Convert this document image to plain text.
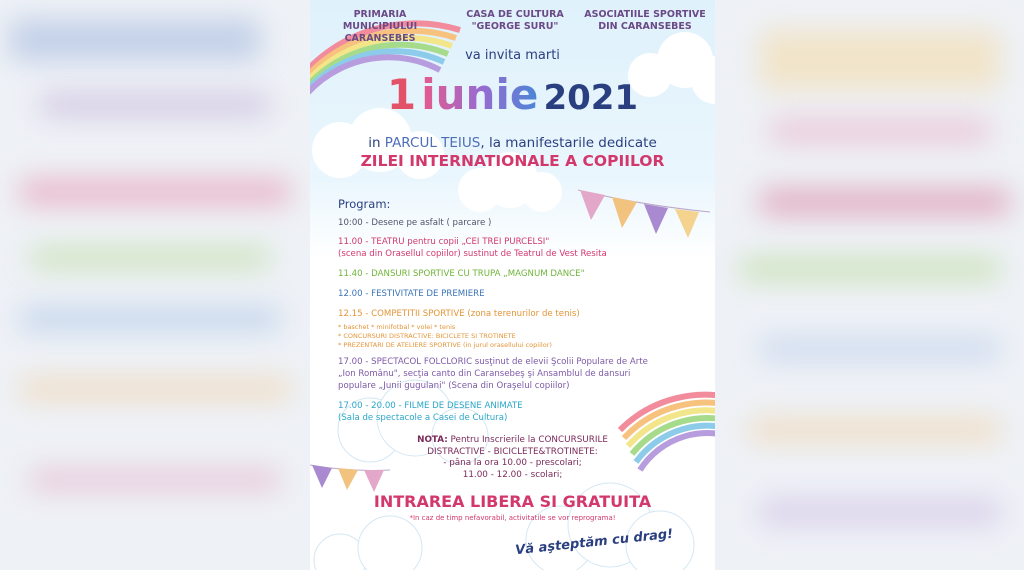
PRIMARIA MUNICIPIULUI
CARANSEBES
CASA DE CULTURA
"GEORGE SURU"
ASOCIATIILE SPORTIVE
DIN CARANSEBES
va invita marti
1 iunie 2021
in PARCUL TEIUS, la manifestarile dedicate
ZILEI INTERNATIONALE A COPIILOR
Program:
10:00 - Desene pe asfalt ( parcare )
11.00 - TEATRU pentru copii „CEI TREI PURCELSI"
(scena din Orasellul copiilor) sustinut de Teatrul de Vest Resita
11.40 - DANSURI SPORTIVE CU TRUPA „MAGNUM DANCE"
12.00 - FESTIVITATE DE PREMIERE
12.15 - COMPETITII SPORTIVE (zona terenurilor de tenis)
* baschet * minifotbal * volei * tenis
* CONCURSURI DISTRACTIVE: BICICLETE SI TROTINETE
* PREZENTARI DE ATELIERE SPORTIVE (in jurul orasellului copiilor)
17.00 - SPECTACOL FOLCLORIC susţinut de elevii Şcolii Populare de Arte
„Ion Românu", secţia canto din Caransebeş şi Ansamblul de dansuri
populare „Junii gugulani" (Scena din Oraşelul copiilor)
17.00 - 20.00 - FILME DE DESENE ANIMATE
(Sala de spectacole a Casei de Cultura)
NOTA: Pentru Inscrierile la CONCURSURILE
DISTRACTIVE - BICICLETE&TROTINETE:
- pâna la ora 10.00 - prescolari;
11.00 - 12.00 - scolari;
INTRAREA LIBERA SI GRATUITA
*In caz de timp nefavorabil, activitatile se vor reprograma!
Vă aşteptăm cu drag!
